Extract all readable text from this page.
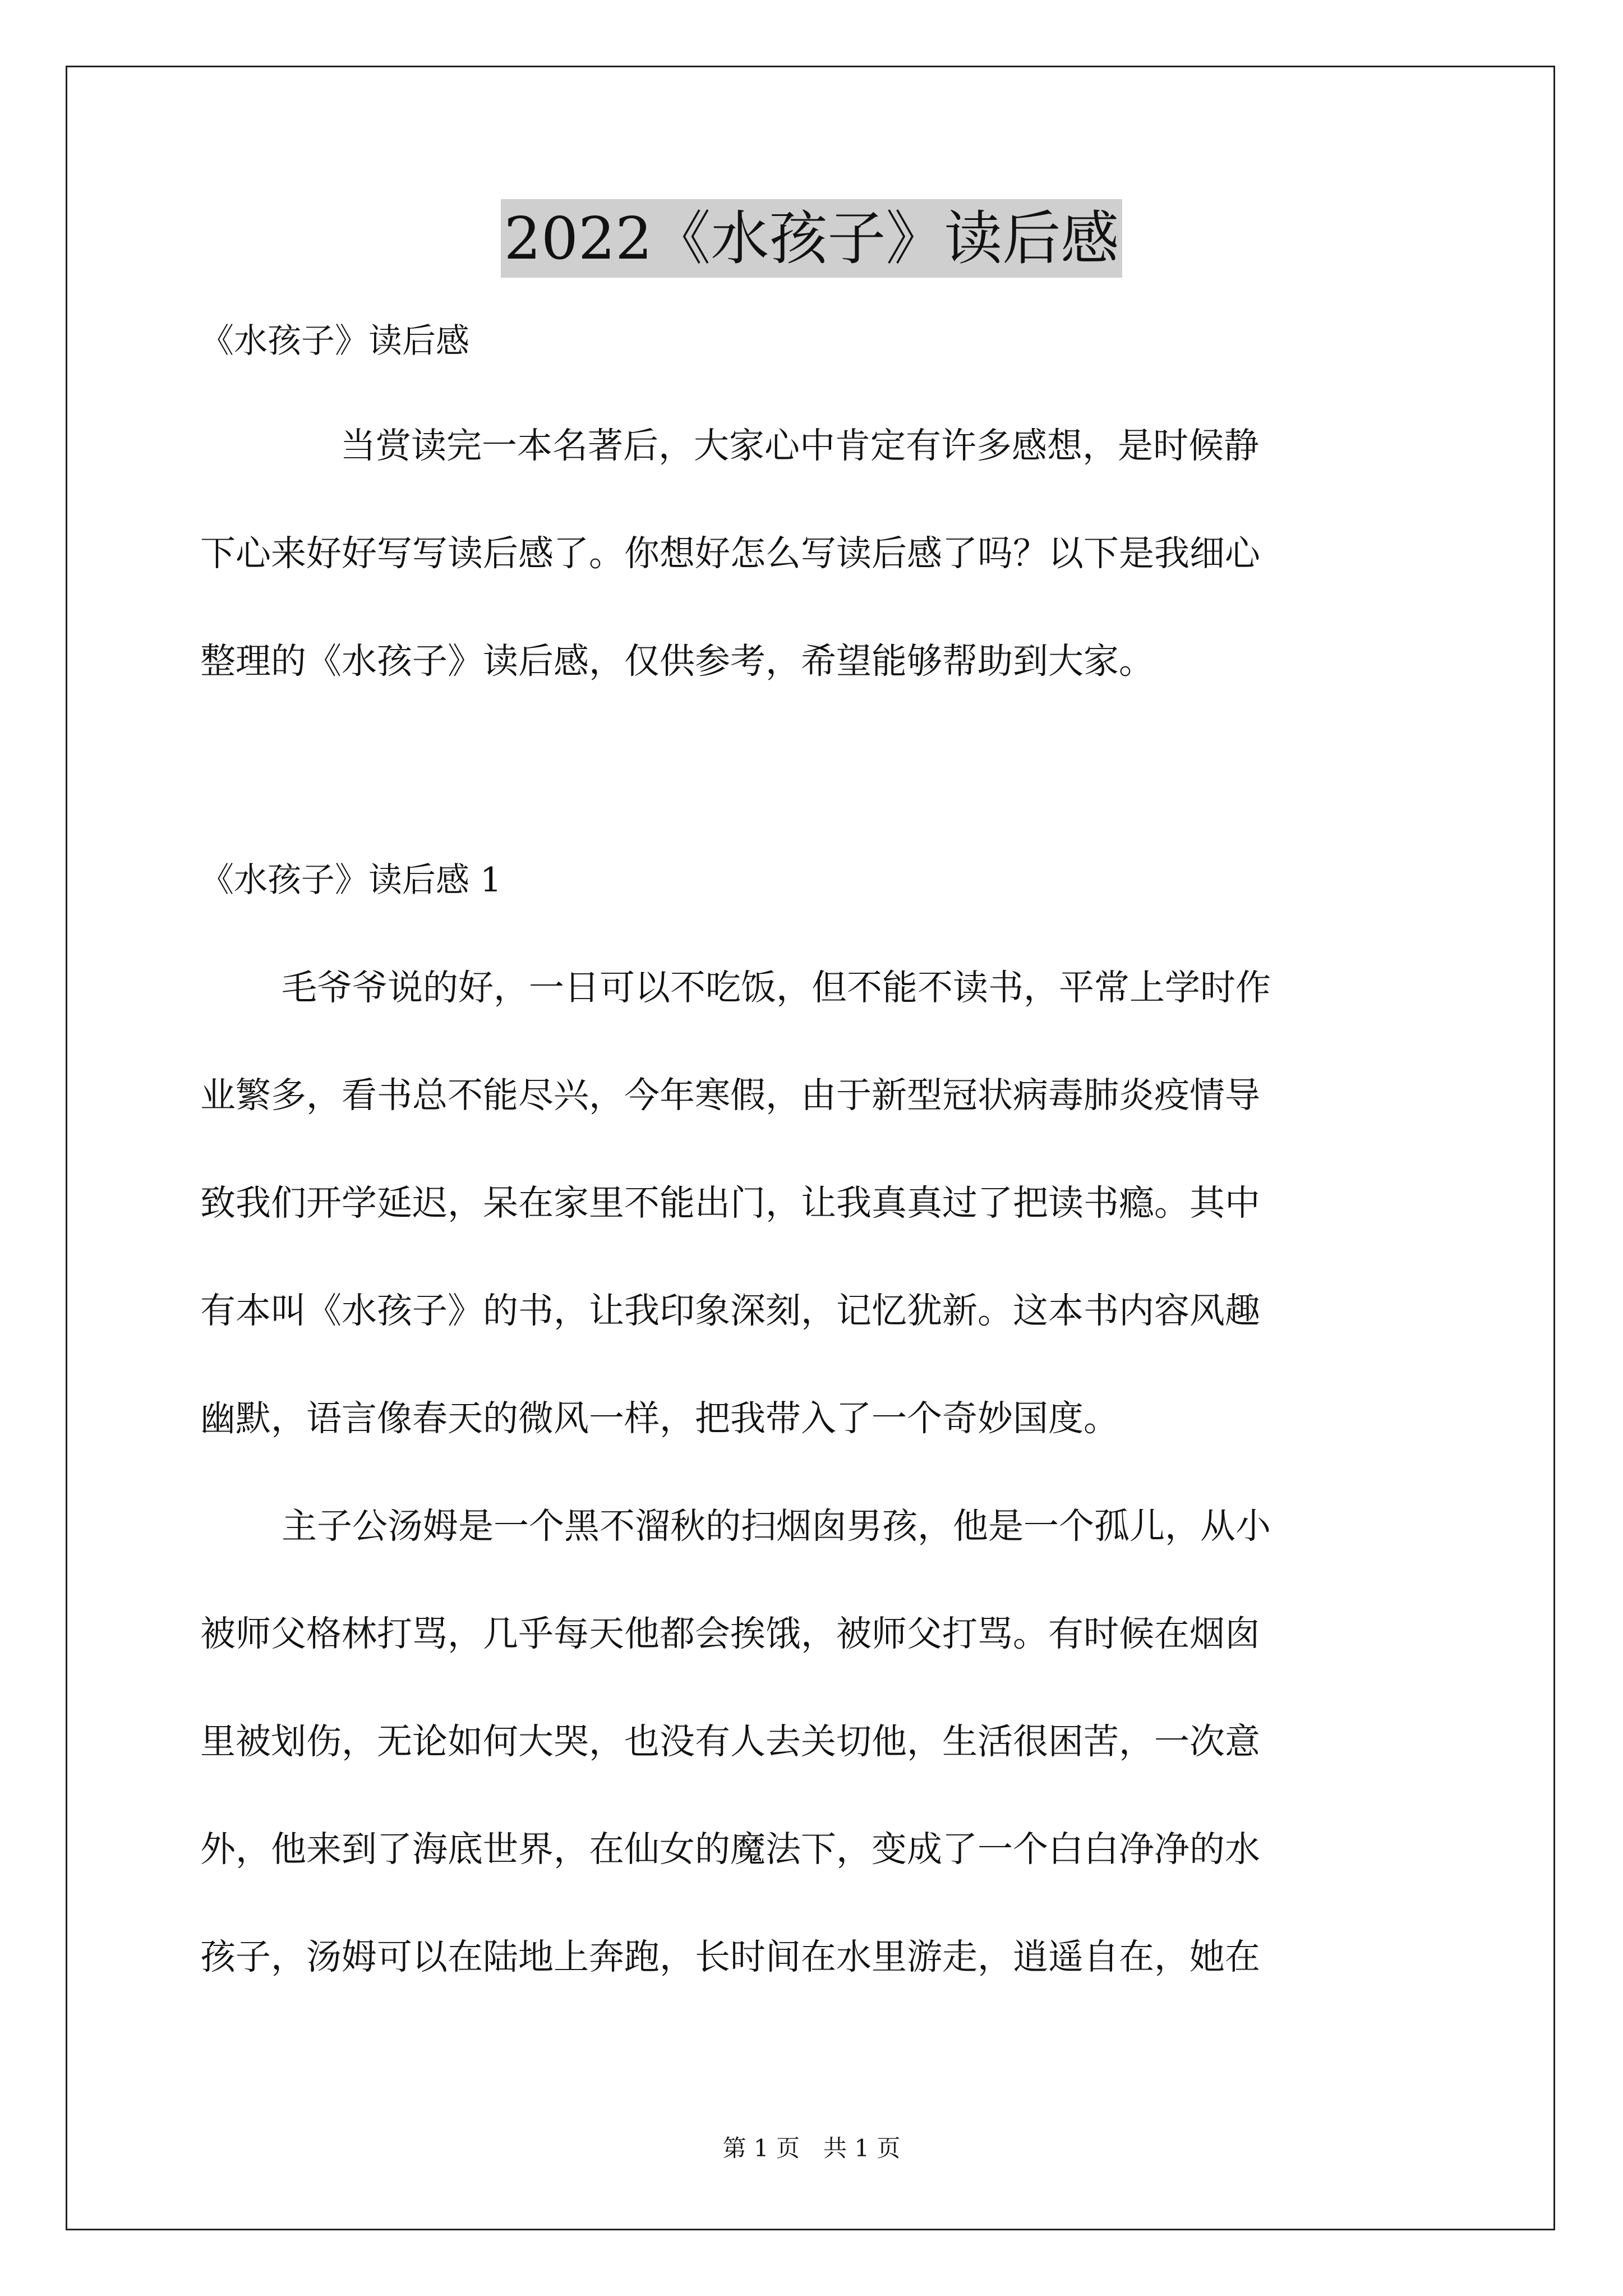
2022《水孩子》读后感

《水孩子》读后感

当赏读完一本名著后，大家心中肯定有许多感想，是时候静
下心来好好写写读后感了。你想好怎么写读后感了吗？以下是我细心
整理的《水孩子》读后感，仅供参考，希望能够帮助到大家。

《水孩子》读后感 1

毛爷爷说的好，一日可以不吃饭，但不能不读书，平常上学时作
业繁多，看书总不能尽兴，今年寒假，由于新型冠状病毒肺炎疫情导
致我们开学延迟，呆在家里不能出门，让我真真过了把读书瘾。其中
有本叫《水孩子》的书，让我印象深刻，记忆犹新。这本书内容风趣
幽默，语言像春天的微风一样，把我带入了一个奇妙国度。

主子公汤姆是一个黑不溜秋的扫烟囱男孩，他是一个孤儿，从小
被师父格林打骂，几乎每天他都会挨饿，被师父打骂。有时候在烟囱
里被划伤，无论如何大哭，也没有人去关切他，生活很困苦，一次意
外，他来到了海底世界，在仙女的魔法下，变成了一个白白净净的水
孩子，汤姆可以在陆地上奔跑，长时间在水里游走，逍遥自在，她在

第 1 页　共 1 页
